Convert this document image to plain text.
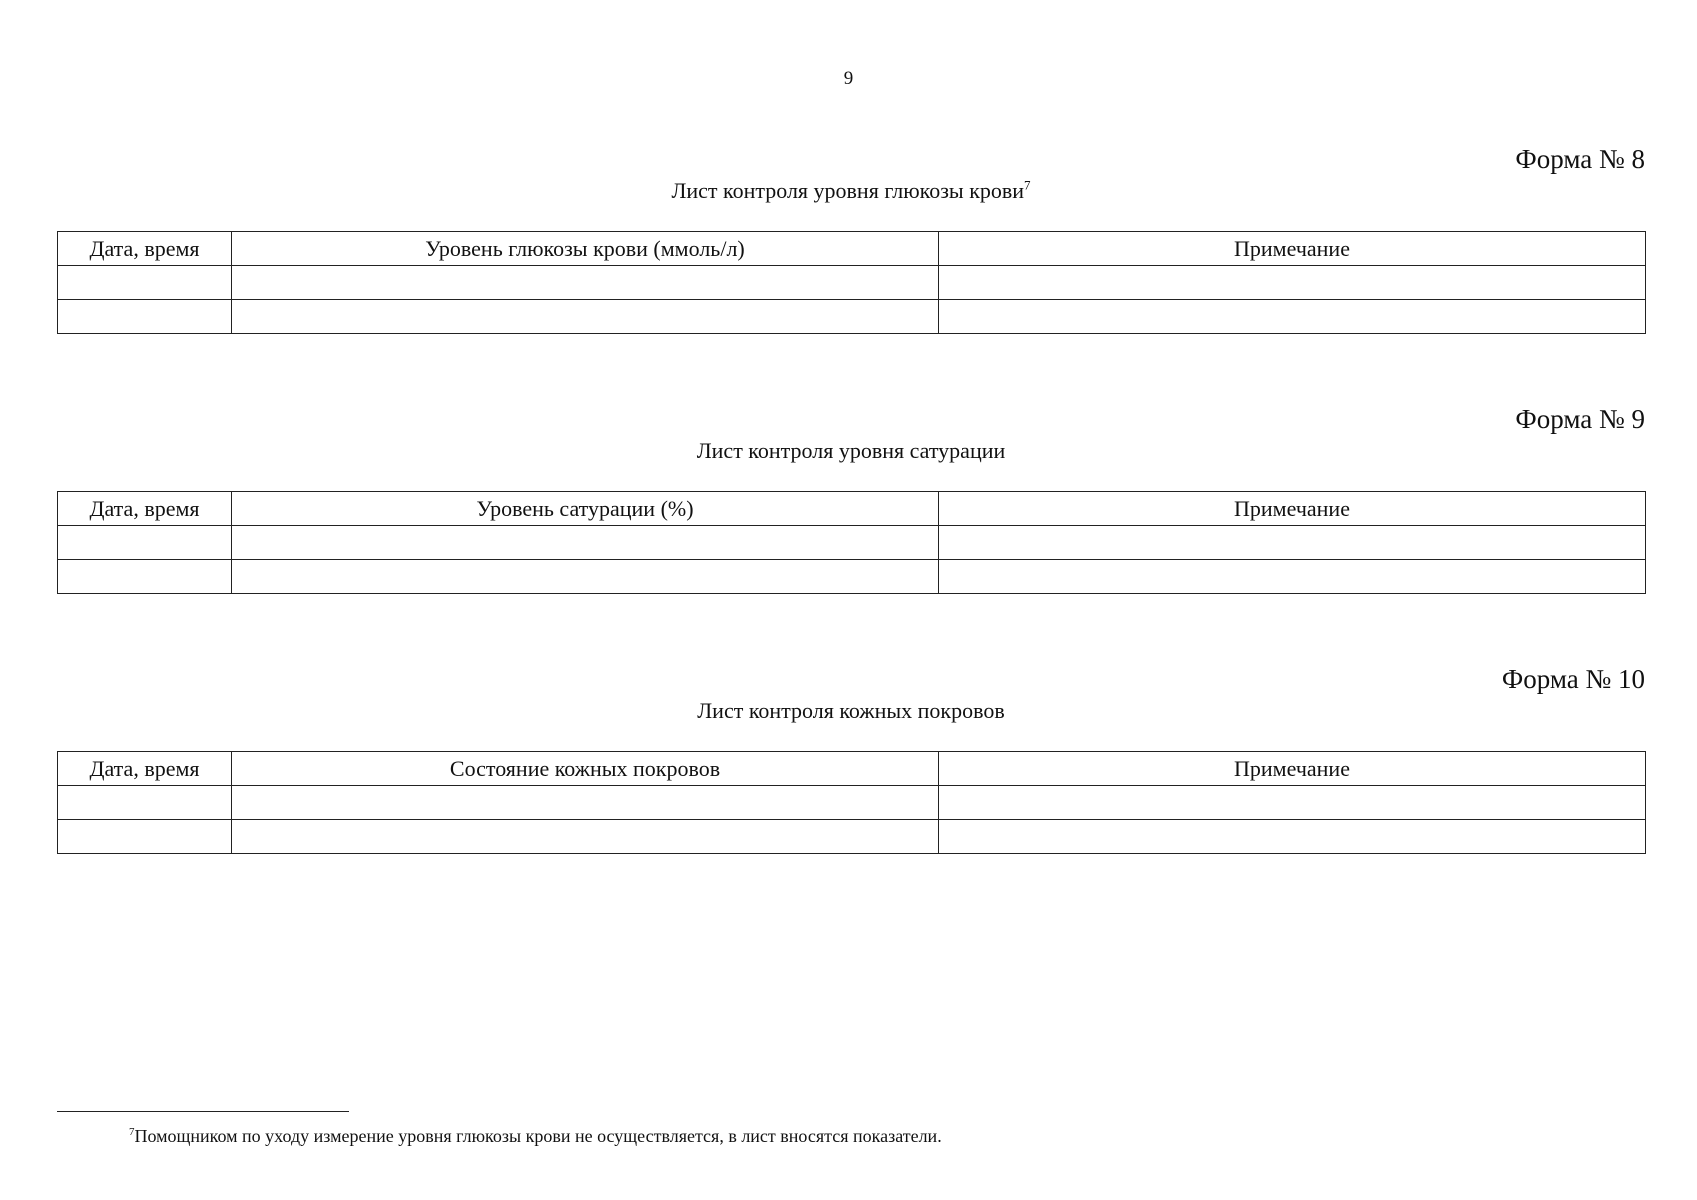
9
Форма № 8
Лист контроля уровня глюкозы крови$^7$
Дата, время	Уровень глюкозы крови (ммоль/л)	Примечание

Форма № 9
Лист контроля уровня сатурации
Дата, время	Уровень сатурации (%)	Примечание

Форма № 10
Лист контроля кожных покровов
Дата, время	Состояние кожных покровов	Примечание

$^7$Помощником по уходу измерение уровня глюкозы крови не осуществляется, в лист вносятся показатели.
